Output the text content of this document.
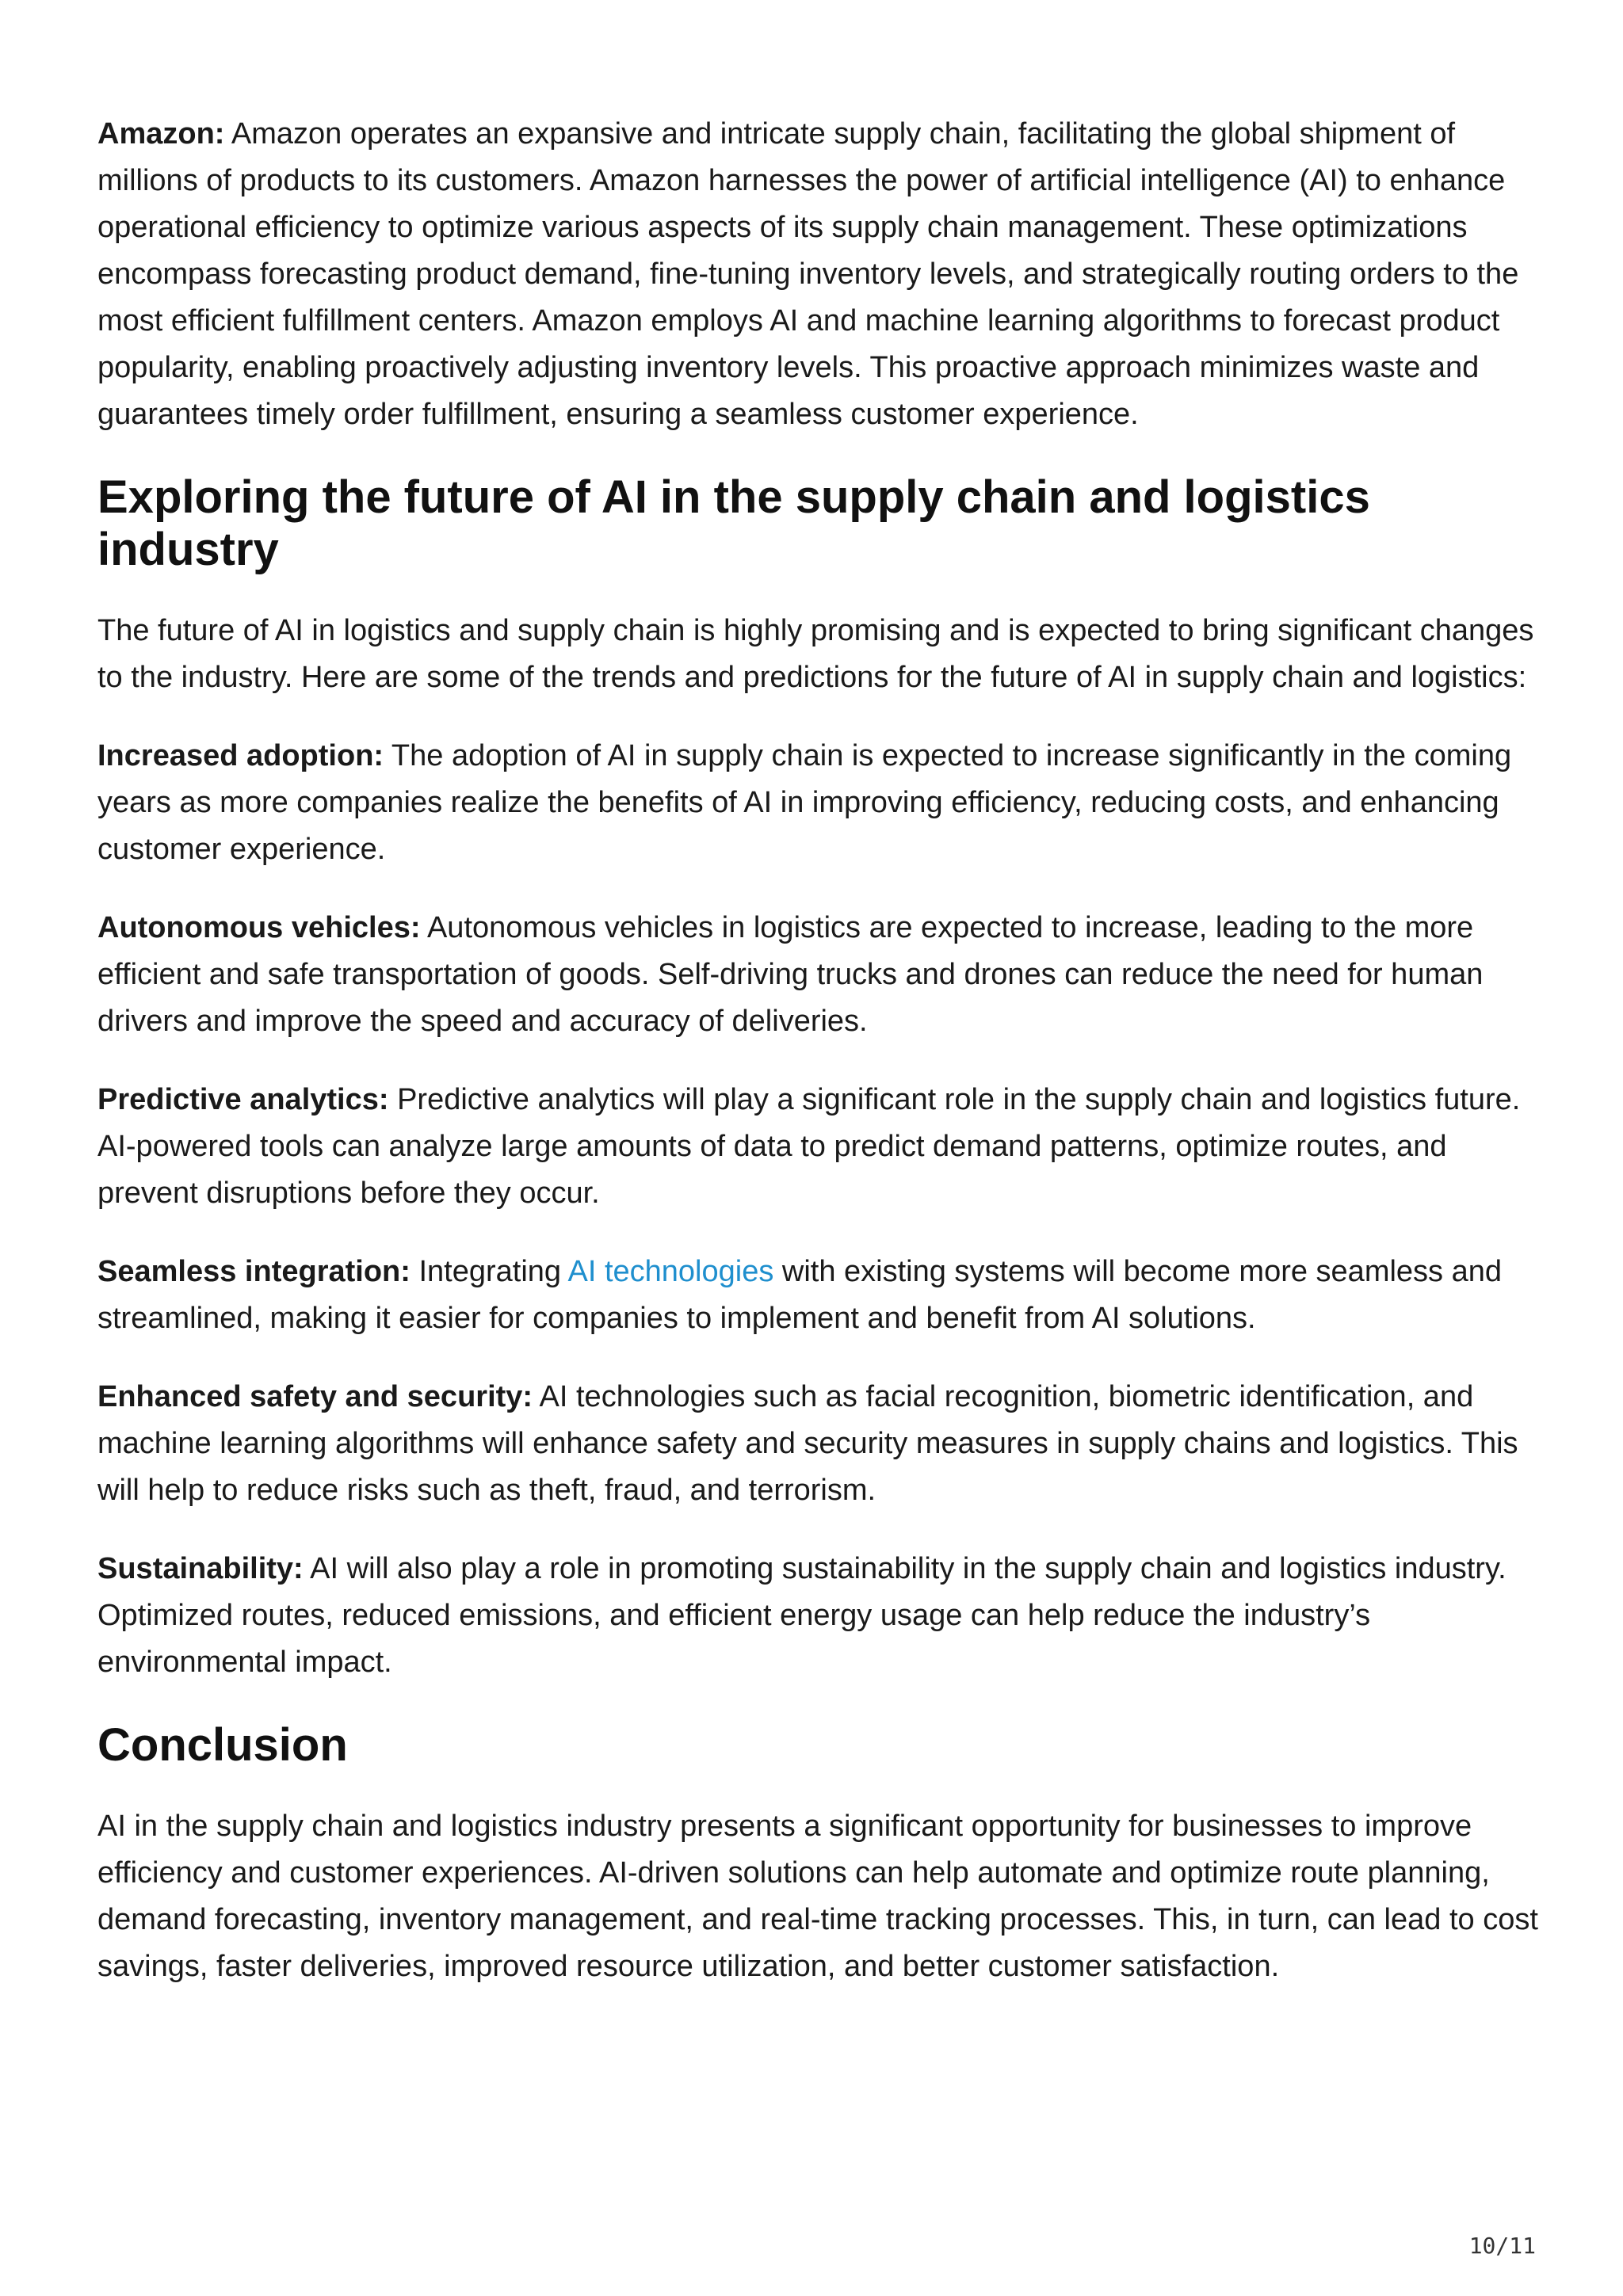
Amazon: Amazon operates an expansive and intricate supply chain, facilitating the global shipment of millions of products to its customers. Amazon harnesses the power of artificial intelligence (AI) to enhance operational efficiency to optimize various aspects of its supply chain management. These optimizations encompass forecasting product demand, fine-tuning inventory levels, and strategically routing orders to the most efficient fulfillment centers. Amazon employs AI and machine learning algorithms to forecast product popularity, enabling proactively adjusting inventory levels. This proactive approach minimizes waste and guarantees timely order fulfillment, ensuring a seamless customer experience.

Exploring the future of AI in the supply chain and logistics industry

The future of AI in logistics and supply chain is highly promising and is expected to bring significant changes to the industry. Here are some of the trends and predictions for the future of AI in supply chain and logistics:

Increased adoption: The adoption of AI in supply chain is expected to increase significantly in the coming years as more companies realize the benefits of AI in improving efficiency, reducing costs, and enhancing customer experience.

Autonomous vehicles: Autonomous vehicles in logistics are expected to increase, leading to the more efficient and safe transportation of goods. Self-driving trucks and drones can reduce the need for human drivers and improve the speed and accuracy of deliveries.

Predictive analytics: Predictive analytics will play a significant role in the supply chain and logistics future. AI-powered tools can analyze large amounts of data to predict demand patterns, optimize routes, and prevent disruptions before they occur.

Seamless integration: Integrating AI technologies with existing systems will become more seamless and streamlined, making it easier for companies to implement and benefit from AI solutions.

Enhanced safety and security: AI technologies such as facial recognition, biometric identification, and machine learning algorithms will enhance safety and security measures in supply chains and logistics. This will help to reduce risks such as theft, fraud, and terrorism.

Sustainability: AI will also play a role in promoting sustainability in the supply chain and logistics industry. Optimized routes, reduced emissions, and efficient energy usage can help reduce the industry’s environmental impact.

Conclusion

AI in the supply chain and logistics industry presents a significant opportunity for businesses to improve efficiency and customer experiences. AI-driven solutions can help automate and optimize route planning, demand forecasting, inventory management, and real-time tracking processes. This, in turn, can lead to cost savings, faster deliveries, improved resource utilization, and better customer satisfaction.

10/11
